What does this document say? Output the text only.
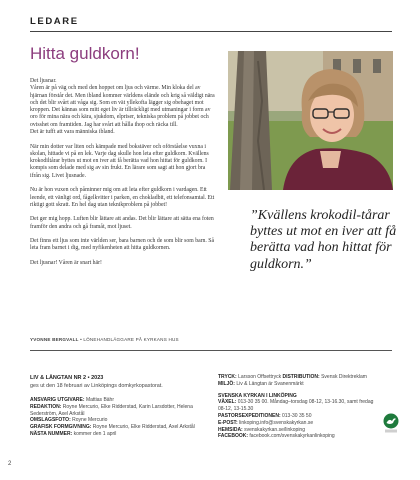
LEDARE
Hitta guldkorn!

Det ljusnar.
Våren är på väg och med den hoppet om ljus och värme. Min kloka del av hjärnan förstår det. Men ibland kommer världens elände och krig så väldigt nära och det blir svårt att våga sig. Som en vät yllekofta lägger sig obehaget mot kroppen. Det kännas som mitt eget liv är tillräckligt med utmaningar i form av oro för mina nära och kära, sjukdom, elpriser, tekniska problem på jobbet och ovisshet om framtiden. Jag har svårt att hålla ihop och räcka till.
Det är tufft att vara människa ibland.

När min dotter var liten och kämpade med bokstäver och oförståelse vuxna i skolan, hittade vi på en lek. Varje dag skulle hon leta efter guldkorn. Kvällens krokodiltårar byttes ut mot en iver att få berätta vad hon hittat för guldkorn. I kompis som delade med sig av sin frukt. En lärare som sagt att hon gjort bra ifrån sig. Livet ljusnade.

Nu är hon vuxen och påminner mig om att leta efter guldkorn i vardagen. Ett leende, ett vänligt ord, fågelkvitter i parken, en chokladbit, ett telefonsamtal. Ett riktigt gott skratt. En hel dag utan teknikproblem på jobbet!

Det ger mig hopp. Luften blir lättare att andas. Det blir lättare att sätta ena foten framför den andra och gå framåt, mot ljuset.

Det finns ett ljus som inte världen ser, bara barnen och de som blir som barn. Så leta fram barnet i dig, med nyfikenheten att hitta guldkornen.

Det ljusnar! Våren är snart här!

”Kvällens krokodil-tårar byttes ut mot en iver att få berätta vad hon hittat för guldkorn.”
YVONNE BERGVALL • LÖNEHANDLÄGGARE PÅ KYRKANS HUS
LIV & LÄNGTAN NR 2 • 2023
ges ut den 18 februari av Linköpings domkyrkopastorat.
ANSVARIG UTGIVARE: Mattias Bähr
REDAKTION: Royne Mercurio, Elke Ridderstad, Karin Larsdotter, Helena Sederström, Axel Arkstål
OMSLAGSFOTO: Royne Mercurio
GRAFISK FORMGIVNING: Royne Mercurio, Elke Ridderstad, Axel Arkstål
NÄSTA NUMMER: kommer den 1 april
TRYCK: Larsson Offsettryck DISTRIBUTION: Svensk Direktreklam
MILJÖ: Liv & Längtan är Svanenmärkt
SVENSKA KYRKAN I LINKÖPING
VÄXEL: 013-30 35 00. Måndag–torsdag 08-12, 13-16.30, samt fredag 08-12, 13-15.30
PASTORSEXPEDITIONEN: 013-30 35 50
E-POST: linkoping.info@svenskakyrkan.se
HEMSIDA: svenskakyrkan.se/linkoping
FACEBOOK: facebook.com/svenskakyrkanlinkoping
2
